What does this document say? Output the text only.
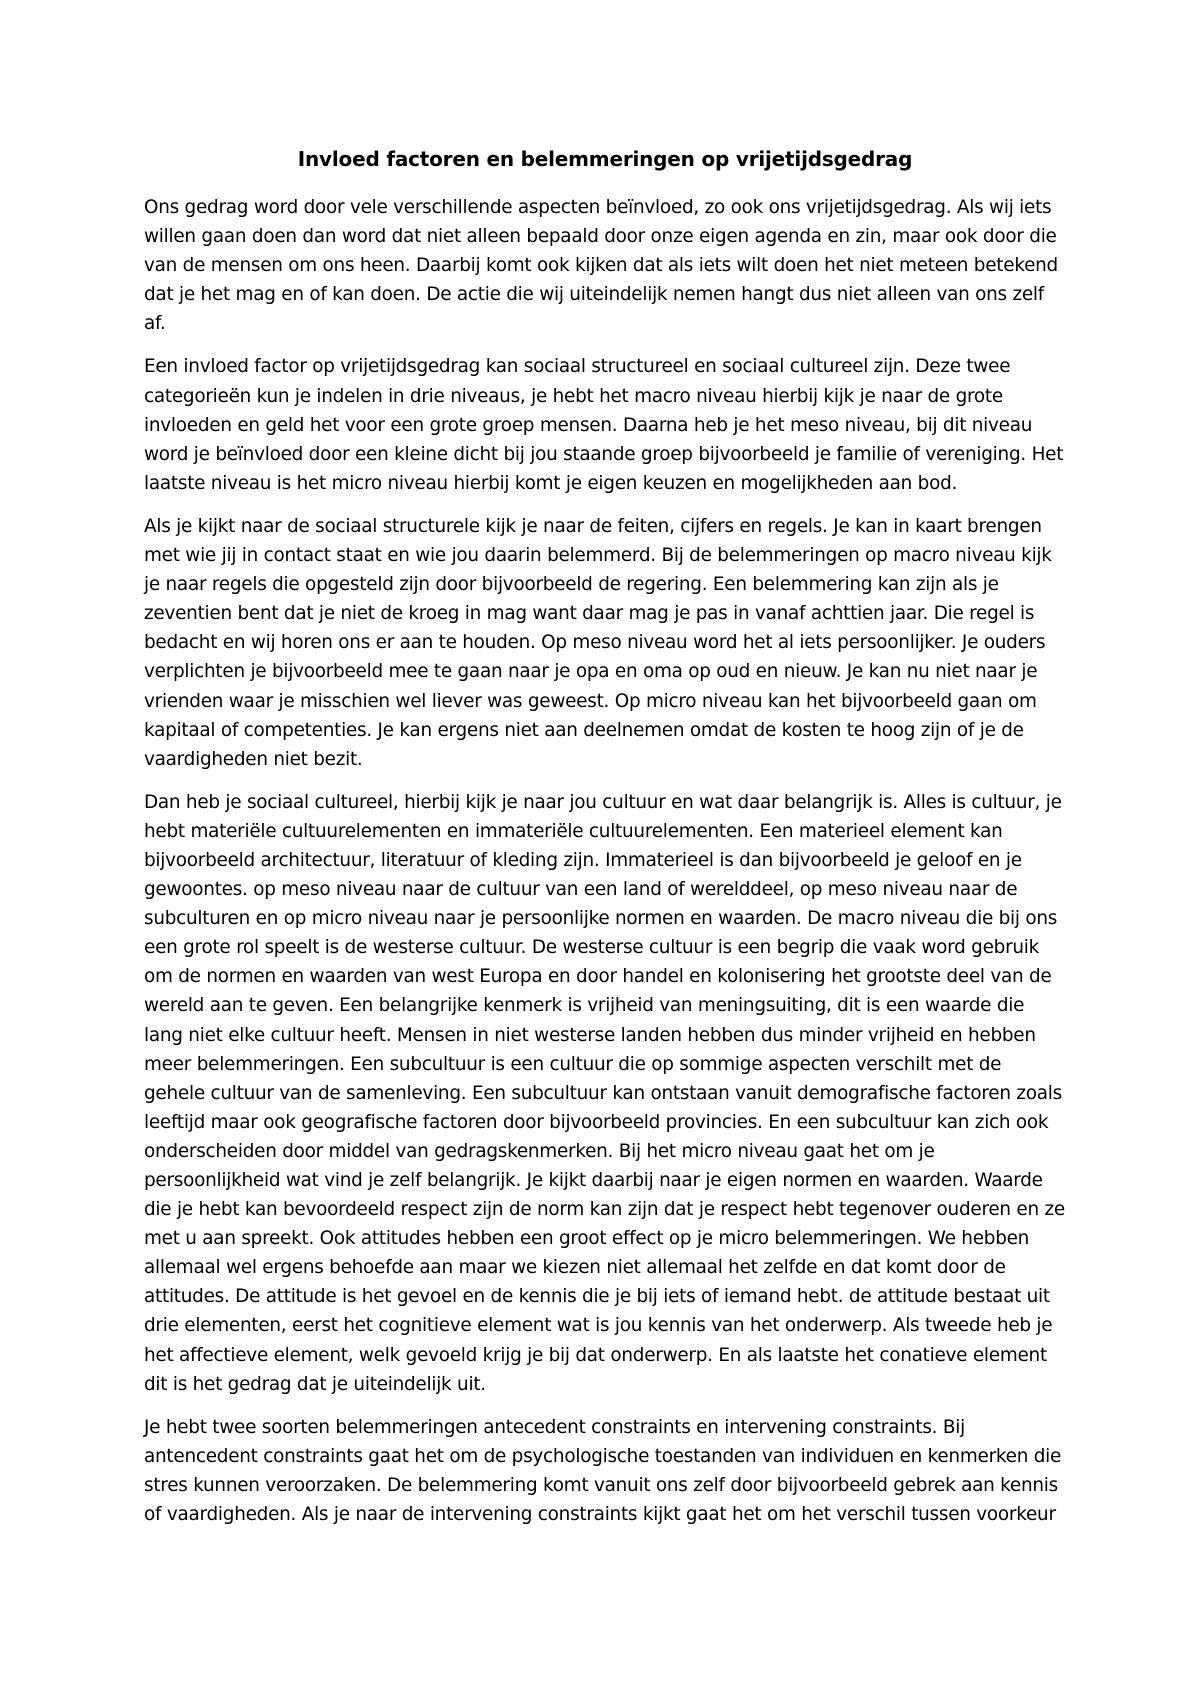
Invloed factoren en belemmeringen op vrijetijdsgedrag

Ons gedrag word door vele verschillende aspecten beïnvloed, zo ook ons vrijetijdsgedrag. Als wij iets willen gaan doen dan word dat niet alleen bepaald door onze eigen agenda en zin, maar ook door die van de mensen om ons heen. Daarbij komt ook kijken dat als iets wilt doen het niet meteen betekend dat je het mag en of kan doen. De actie die wij uiteindelijk nemen hangt dus niet alleen van ons zelf af.

Een invloed factor op vrijetijdsgedrag kan sociaal structureel en sociaal cultureel zijn. Deze twee categorieën kun je indelen in drie niveaus, je hebt het macro niveau hierbij kijk je naar de grote invloeden en geld het voor een grote groep mensen. Daarna heb je het meso niveau, bij dit niveau word je beïnvloed door een kleine dicht bij jou staande groep bijvoorbeeld je familie of vereniging. Het laatste niveau is het micro niveau hierbij komt je eigen keuzen en mogelijkheden aan bod.

Als je kijkt naar de sociaal structurele kijk je naar de feiten, cijfers en regels. Je kan in kaart brengen met wie jij in contact staat en wie jou daarin belemmerd. Bij de belemmeringen op macro niveau kijk je naar regels die opgesteld zijn door bijvoorbeeld de regering. Een belemmering kan zijn als je zeventien bent dat je niet de kroeg in mag want daar mag je pas in vanaf achttien jaar. Die regel is bedacht en wij horen ons er aan te houden. Op meso niveau word het al iets persoonlijker. Je ouders verplichten je bijvoorbeeld mee te gaan naar je opa en oma op oud en nieuw. Je kan nu niet naar je vrienden waar je misschien wel liever was geweest. Op micro niveau kan het bijvoorbeeld gaan om kapitaal of competenties. Je kan ergens niet aan deelnemen omdat de kosten te hoog zijn of je de vaardigheden niet bezit.

Dan heb je sociaal cultureel, hierbij kijk je naar jou cultuur en wat daar belangrijk is. Alles is cultuur, je hebt materiële cultuurelementen en immateriële cultuurelementen. Een materieel element kan bijvoorbeeld architectuur, literatuur of kleding zijn. Immaterieel is dan bijvoorbeeld je geloof en je gewoontes. op meso niveau naar de cultuur van een land of werelddeel, op meso niveau naar de subculturen en op micro niveau naar je persoonlijke normen en waarden. De macro niveau die bij ons een grote rol speelt is de westerse cultuur. De westerse cultuur is een begrip die vaak word gebruik om de normen en waarden van west Europa en door handel en kolonisering het grootste deel van de wereld aan te geven. Een belangrijke kenmerk is vrijheid van meningsuiting, dit is een waarde die lang niet elke cultuur heeft. Mensen in niet westerse landen hebben dus minder vrijheid en hebben meer belemmeringen. Een subcultuur is een cultuur die op sommige aspecten verschilt met de gehele cultuur van de samenleving. Een subcultuur kan ontstaan vanuit demografische factoren zoals leeftijd maar ook geografische factoren door bijvoorbeeld provincies. En een subcultuur kan zich ook onderscheiden door middel van gedragskenmerken. Bij het micro niveau gaat het om je persoonlijkheid wat vind je zelf belangrijk. Je kijkt daarbij naar je eigen normen en waarden. Waarde die je hebt kan bevoordeeld respect zijn de norm kan zijn dat je respect hebt tegenover ouderen en ze met u aan spreekt. Ook attitudes hebben een groot effect op je micro belemmeringen. We hebben allemaal wel ergens behoefde aan maar we kiezen niet allemaal het zelfde en dat komt door de attitudes. De attitude is het gevoel en de kennis die je bij iets of iemand hebt. de attitude bestaat uit drie elementen, eerst het cognitieve element wat is jou kennis van het onderwerp. Als tweede heb je het affectieve element, welk gevoeld krijg je bij dat onderwerp. En als laatste het conatieve element dit is het gedrag dat je uiteindelijk uit.

Je hebt twee soorten belemmeringen antecedent constraints en intervening constraints. Bij antencedent constraints gaat het om de psychologische toestanden van individuen en kenmerken die stres kunnen veroorzaken. De belemmering komt vanuit ons zelf door bijvoorbeeld gebrek aan kennis of vaardigheden. Als je naar de intervening constraints kijkt gaat het om het verschil tussen voorkeur
